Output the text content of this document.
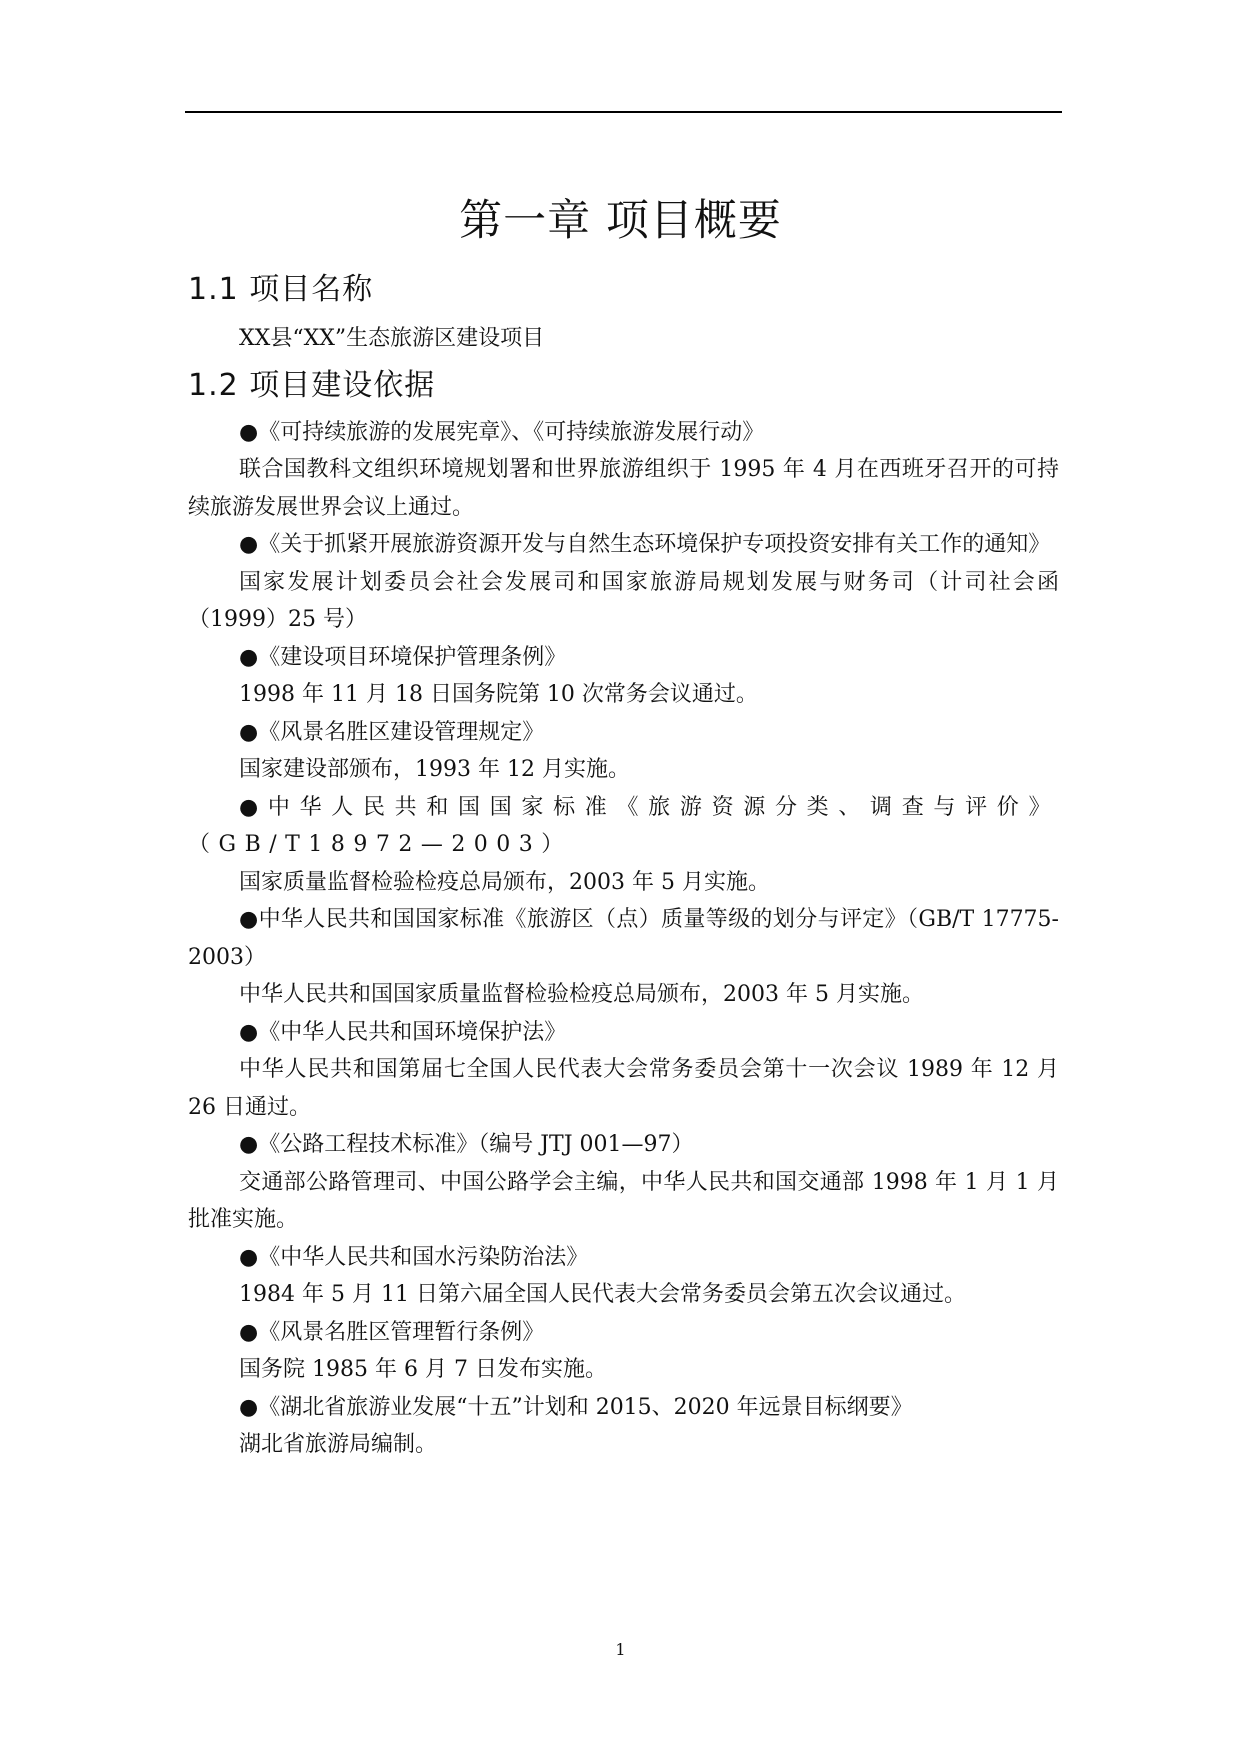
第一章 项目概要
1.1 项目名称

XX县“XX”生态旅游区建设项目

1.2 项目建设依据

●《可持续旅游的发展宪章》、《可持续旅游发展行动》

联合国教科文组织环境规划署和世界旅游组织于 1995 年 4 月在西班牙召开的可持续旅游发展世界会议上通过。

●《关于抓紧开展旅游资源开发与自然生态环境保护专项投资安排有关工作的通知》

国家发展计划委员会社会发展司和国家旅游局规划发展与财务司（计司社会函（1999）25 号）

●《建设项目环境保护管理条例》

1998 年 11 月 18 日国务院第 10 次常务会议通过。

●《风景名胜区建设管理规定》

国家建设部颁布，1993 年 12 月实施。

●中华人民共和国国家标准《旅游资源分类、调查与评价》（GB/T18972—2003）

国家质量监督检验检疫总局颁布，2003 年 5 月实施。

●中华人民共和国国家标准《旅游区（点）质量等级的划分与评定》（GB/T 17775-2003）

中华人民共和国国家质量监督检验检疫总局颁布，2003 年 5 月实施。

●《中华人民共和国环境保护法》

中华人民共和国第届七全国人民代表大会常务委员会第十一次会议 1989 年 12 月 26 日通过。

●《公路工程技术标准》（编号 JTJ 001—97）

交通部公路管理司、中国公路学会主编，中华人民共和国交通部 1998 年 1 月 1 月批准实施。

●《中华人民共和国水污染防治法》

1984 年 5 月 11 日第六届全国人民代表大会常务委员会第五次会议通过。

●《风景名胜区管理暂行条例》

国务院 1985 年 6 月 7 日发布实施。

●《湖北省旅游业发展“十五”计划和 2015、2020 年远景目标纲要》

湖北省旅游局编制。

1
